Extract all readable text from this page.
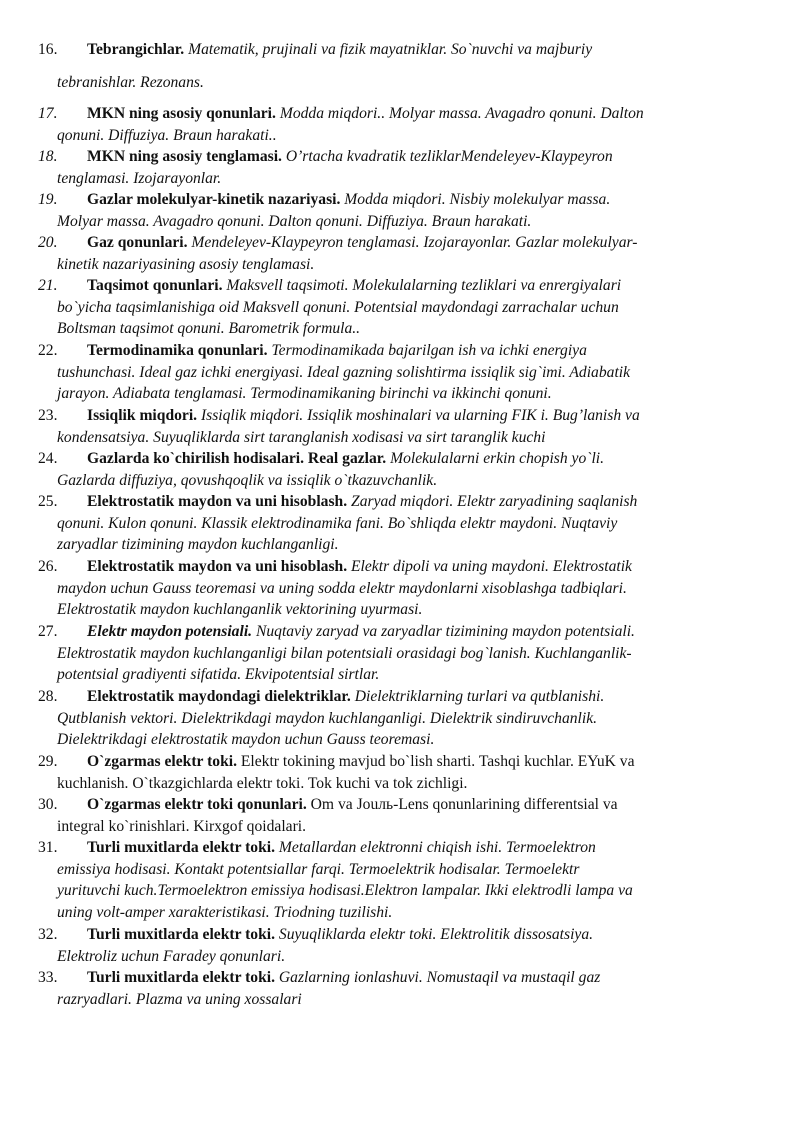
16. Tebrangichlar. Matematik, prujinali va fizik mayatniklar. So`nuvchi va majburiy

tebranishlar. Rezonans.

17. MKN ning asosiy qonunlari. Modda miqdori.. Molyar massa. Avagadro qonuni. Dalton

qonuni. Diffuziya. Braun harakati..

18. MKN ning asosiy tenglamasi. O’rtacha kvadratik tezliklarMendeleyev-Klaypeyron

tenglamasi. Izojarayonlar.

19. Gazlar molekulyar-kinetik nazariyasi. Modda miqdori. Nisbiy molekulyar massa.

Molyar massa. Avagadro qonuni. Dalton qonuni. Diffuziya. Braun harakati.

20. Gaz qonunlari. Mendeleyev-Klaypeyron tenglamasi. Izojarayonlar. Gazlar molekulyar-

kinetik nazariyasining asosiy tenglamasi.

21. Taqsimot qonunlari. Maksvell taqsimoti. Molekulalarning tezliklari va enrergiyalari

bo`yicha taqsimlanishiga oid Maksvell qonuni. Potentsial maydondagi zarrachalar uchun

Boltsman taqsimot qonuni. Barometrik formula..

22. Termodinamika qonunlari. Termodinamikada bajarilgan ish va ichki energiya

tushunchasi. Ideal gaz ichki energiyasi. Ideal gazning solishtirma issiqlik sig`imi. Adiabatik

jarayon. Adiabata tenglamasi. Termodinamikaning birinchi va ikkinchi qonuni.

23. Issiqlik miqdori. Issiqlik miqdori. Issiqlik moshinalari va ularning FIK i. Bug’lanish va

kondensatsiya. Suyuqliklarda sirt taranglanish xodisasi va sirt taranglik kuchi

24. Gazlarda ko`chirilish hodisalari. Real gazlar. Molekulalarni erkin chopish yo`li.

Gazlarda diffuziya, qovushqoqlik va issiqlik o`tkazuvchanlik.

25. Elektrostatik maydon va uni hisoblash. Zaryad miqdori. Elektr zaryadining saqlanish

qonuni. Kulon qonuni. Klassik elektrodinamika fani. Bo`shliqda elektr maydoni. Nuqtaviy

zaryadlar tizimining maydon kuchlanganligi.

26. Elektrostatik maydon va uni hisoblash. Elektr dipoli va uning maydoni. Elektrostatik

maydon uchun Gauss teoremasi va uning sodda elektr maydonlarni xisoblashga tadbiqlari.

Elektrostatik maydon kuchlanganlik vektorining uyurmasi.

27. Elektr maydon potensiali. Nuqtaviy zaryad va zaryadlar tizimining maydon potentsiali.

Elektrostatik maydon kuchlanganligi bilan potentsiali orasidagi bog`lanish. Kuchlanganlik-

potentsial gradiyenti sifatida. Ekvipotentsial sirtlar.

28. Elektrostatik maydondagi dielektriklar. Dielektriklarning turlari va qutblanishi.

Qutblanish vektori. Dielektrikdagi maydon kuchlanganligi. Dielektrik sindiruvchanlik.

Dielektrikdagi elektrostatik maydon uchun Gauss teoremasi.

29. O`zgarmas elektr toki. Elektr tokining mavjud bo`lish sharti. Tashqi kuchlar. EYuK va

kuchlanish. O`tkazgichlarda elektr toki. Tok kuchi va tok zichligi.

30. O`zgarmas elektr toki qonunlari. Om va Jouль-Lens qonunlarining differentsial va

integral ko`rinishlari. Kirxgof qoidalari.

31. Turli muxitlarda elektr toki. Metallardan elektronni chiqish ishi. Termoelektron

emissiya hodisasi. Kontakt potentsiallar farqi. Termoelektrik hodisalar. Termoelektr

yurituvchi kuch.Termoelektron emissiya hodisasi.Elektron lampalar. Ikki elektrodli lampa va

uning volt-amper xarakteristikasi. Triodning tuzilishi.

32. Turli muxitlarda elektr toki. Suyuqliklarda elektr toki. Elektrolitik dissosatsiya.

Elektroliz uchun Faradey qonunlari.

33. Turli muxitlarda elektr toki. Gazlarning ionlashuvi. Nomustaqil va mustaqil gaz

razryadlari. Plazma va uning xossalari
